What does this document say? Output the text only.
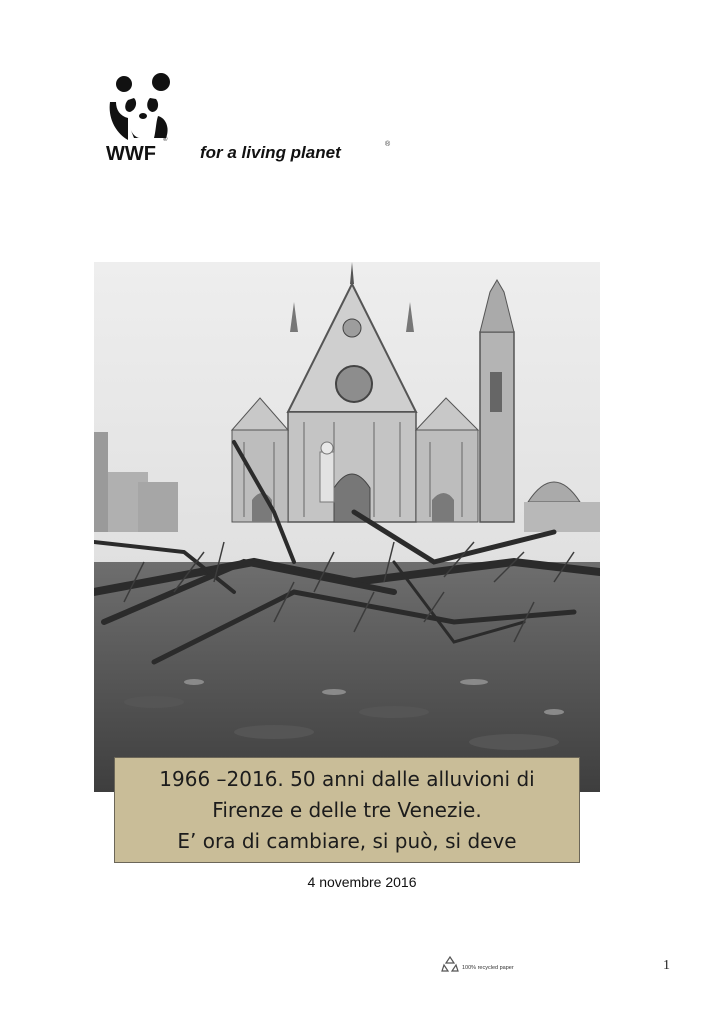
WWF
®
for a living planet	®
1966 –2016. 50 anni dalle alluvioni di
Firenze e delle tre Venezie.
E’ ora di cambiare, si può, si deve
4 novembre 2016
100% recycled paper	1
